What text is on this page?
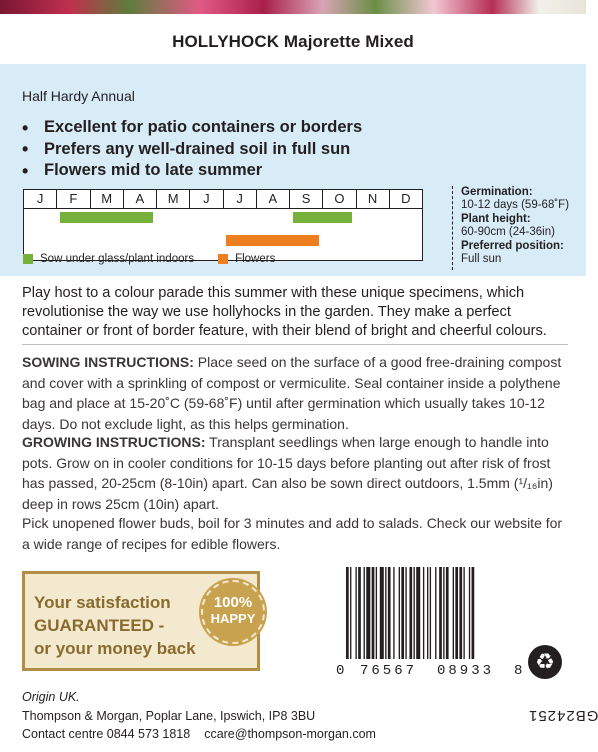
HOLLYHOCK Majorette Mixed
Half Hardy Annual
• Excellent for patio containers or borders
• Prefers any well-drained soil in full sun
• Flowers mid to late summer
J	F	M	A	M	J	J	A	S	O	N	D
Sow under glass/plant indoors	Flowers
Germination:
10-12 days (59-68˚F)
Plant height:
60-90cm (24-36in)
Preferred position:
Full sun
Play host to a colour parade this summer with these unique specimens, which revolutionise the way we use hollyhocks in the garden. They make a perfect container or front of border feature, with their blend of bright and cheerful colours.
SOWING INSTRUCTIONS: Place seed on the surface of a good free-draining compost and cover with a sprinkling of compost or vermiculite. Seal container inside a polythene bag and place at 15-20˚C (59-68˚F) until after germination which usually takes 10-12 days. Do not exclude light, as this helps germination.
GROWING INSTRUCTIONS: Transplant seedlings when large enough to handle into pots. Grow on in cooler conditions for 10-15 days before planting out after risk of frost has passed, 20-25cm (8-10in) apart. Can also be sown direct outdoors, 1.5mm (¹/₁₆in) deep in rows 25cm (10in) apart.
Pick unopened flower buds, boil for 3 minutes and add to salads. Check our website for a wide range of recipes for edible flowers.
Your satisfaction
GUARANTEED -
or your money back
100%
HAPPY
0 76567 08933 8 ♻
Origin UK.
Thompson & Morgan, Poplar Lane, Ipswich, IP8 3BU
Contact centre 0844 573 1818 ccare@thompson-morgan.com
GB24251
